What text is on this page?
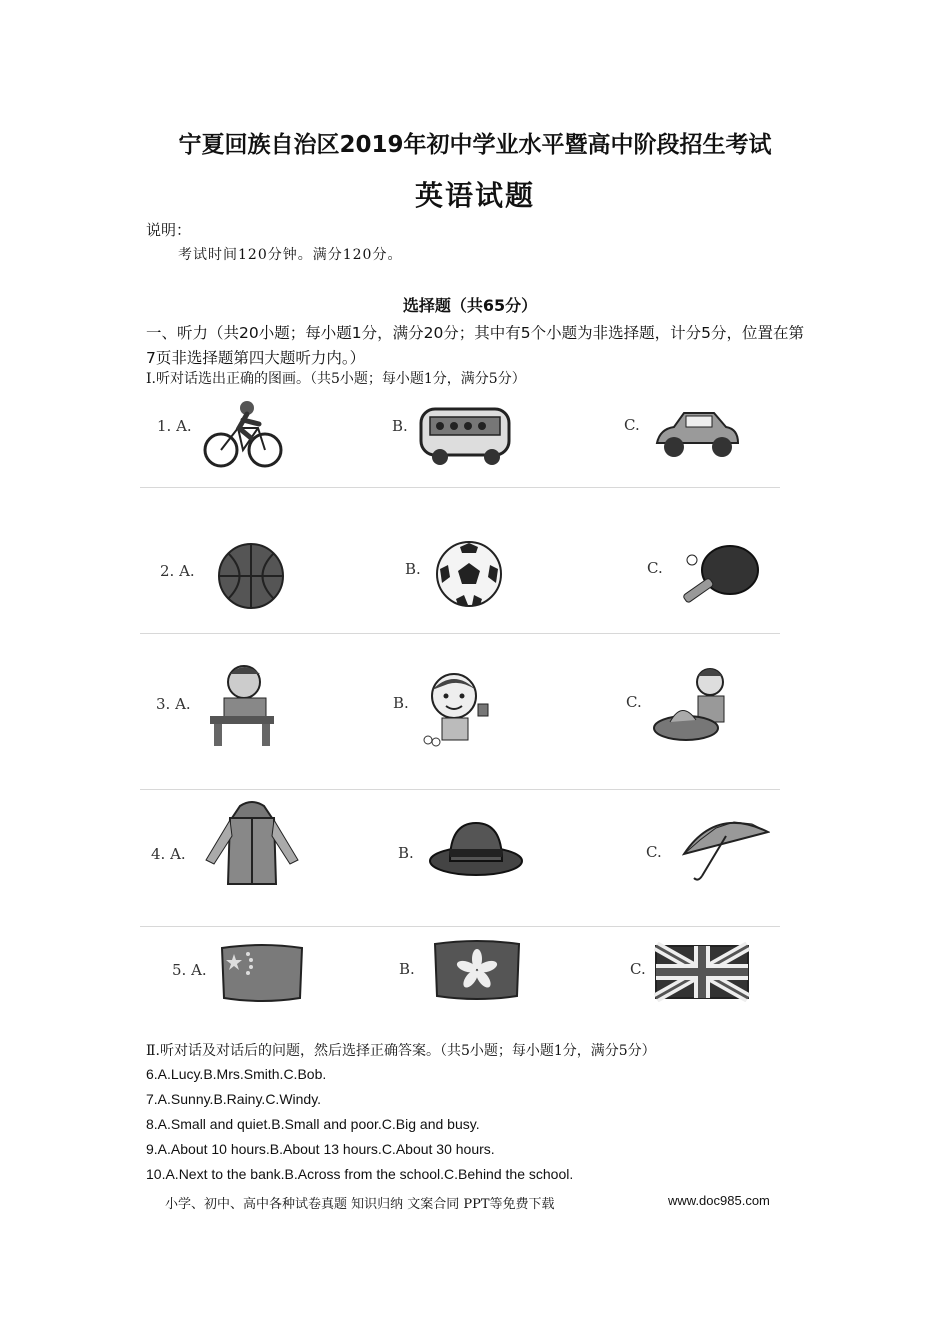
宁夏回族自治区2019年初中学业水平暨高中阶段招生考试
英语试题
说明：
考试时间120分钟。满分120分。
选择题（共65分）
一、听力（共20小题；每小题1分，满分20分；其中有5个小题为非选择题，计分5分，位置在第7页非选择题第四大题听力内。）
Ⅰ.听对话选出正确的图画。（共5小题；每小题1分，满分5分）
1. A.	B.	C.
2. A.	B.	C.
3. A.	B.	C.
4. A.	B.	C.
5. A.	B.	C.
Ⅱ.听对话及对话后的问题，然后选择正确答案。（共5小题；每小题1分，满分5分）
6.A.Lucy.B.Mrs.Smith.C.Bob.
7.A.Sunny.B.Rainy.C.Windy.
8.A.Small and quiet.B.Small and poor.C.Big and busy.
9.A.About 10 hours.B.About 13 hours.C.About 30 hours.
10.A.Next to the bank.B.Across from the school.C.Behind the school.
小学、初中、高中各种试卷真题 知识归纳 文案合同 PPT等免费下载	www.doc985.com
